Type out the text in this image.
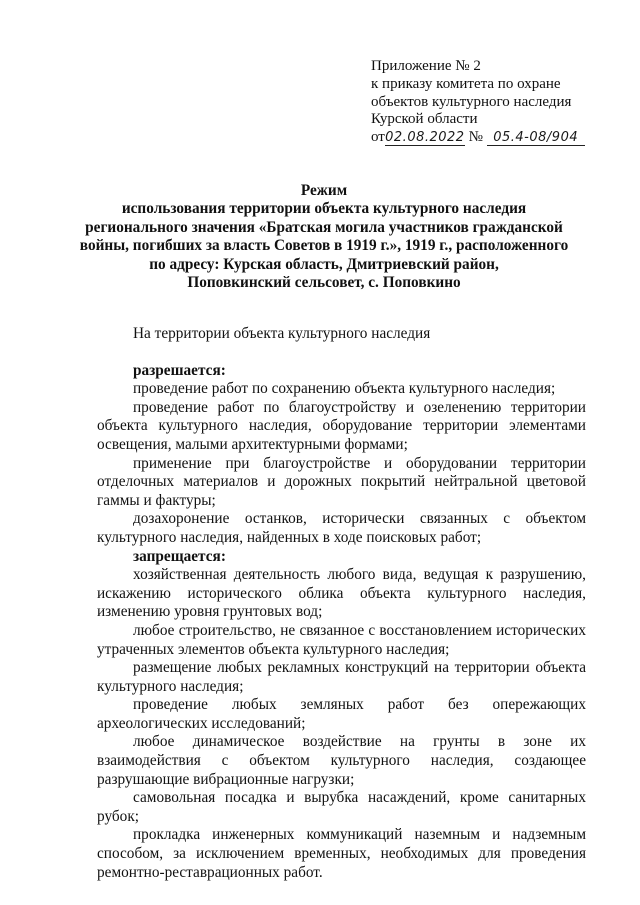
Приложение № 2
к приказу комитета по охране
объектов культурного наследия
Курской области
от02.08.2022 № 05.4-08/904
Режим
использования территории объекта культурного наследия
регионального значения «Братская могила участников гражданской
войны, погибших за власть Советов в 1919 г.», 1919 г., расположенного
по адресу: Курская область, Дмитриевский район,
Поповкинский сельсовет, с. Поповкино
На территории объекта культурного наследия
разрешается:
проведение работ по сохранению объекта культурного наследия;
проведение работ по благоустройству и озеленению территории объекта культурного наследия, оборудование территории элементами освещения, малыми архитектурными формами;
применение при благоустройстве и оборудовании территории отделочных материалов и дорожных покрытий нейтральной цветовой гаммы и фактуры;
дозахоронение останков, исторически связанных с объектом культурного наследия, найденных в ходе поисковых работ;
запрещается:
хозяйственная деятельность любого вида, ведущая к разрушению, искажению исторического облика объекта культурного наследия, изменению уровня грунтовых вод;
любое строительство, не связанное с восстановлением исторических утраченных элементов объекта культурного наследия;
размещение любых рекламных конструкций на территории объекта культурного наследия;
проведение любых земляных работ без опережающих археологических исследований;
любое динамическое воздействие на грунты в зоне их взаимодействия с объектом культурного наследия, создающее разрушающие вибрационные нагрузки;
самовольная посадка и вырубка насаждений, кроме санитарных рубок;
прокладка инженерных коммуникаций наземным и надземным способом, за исключением временных, необходимых для проведения ремонтно-реставрационных работ.
